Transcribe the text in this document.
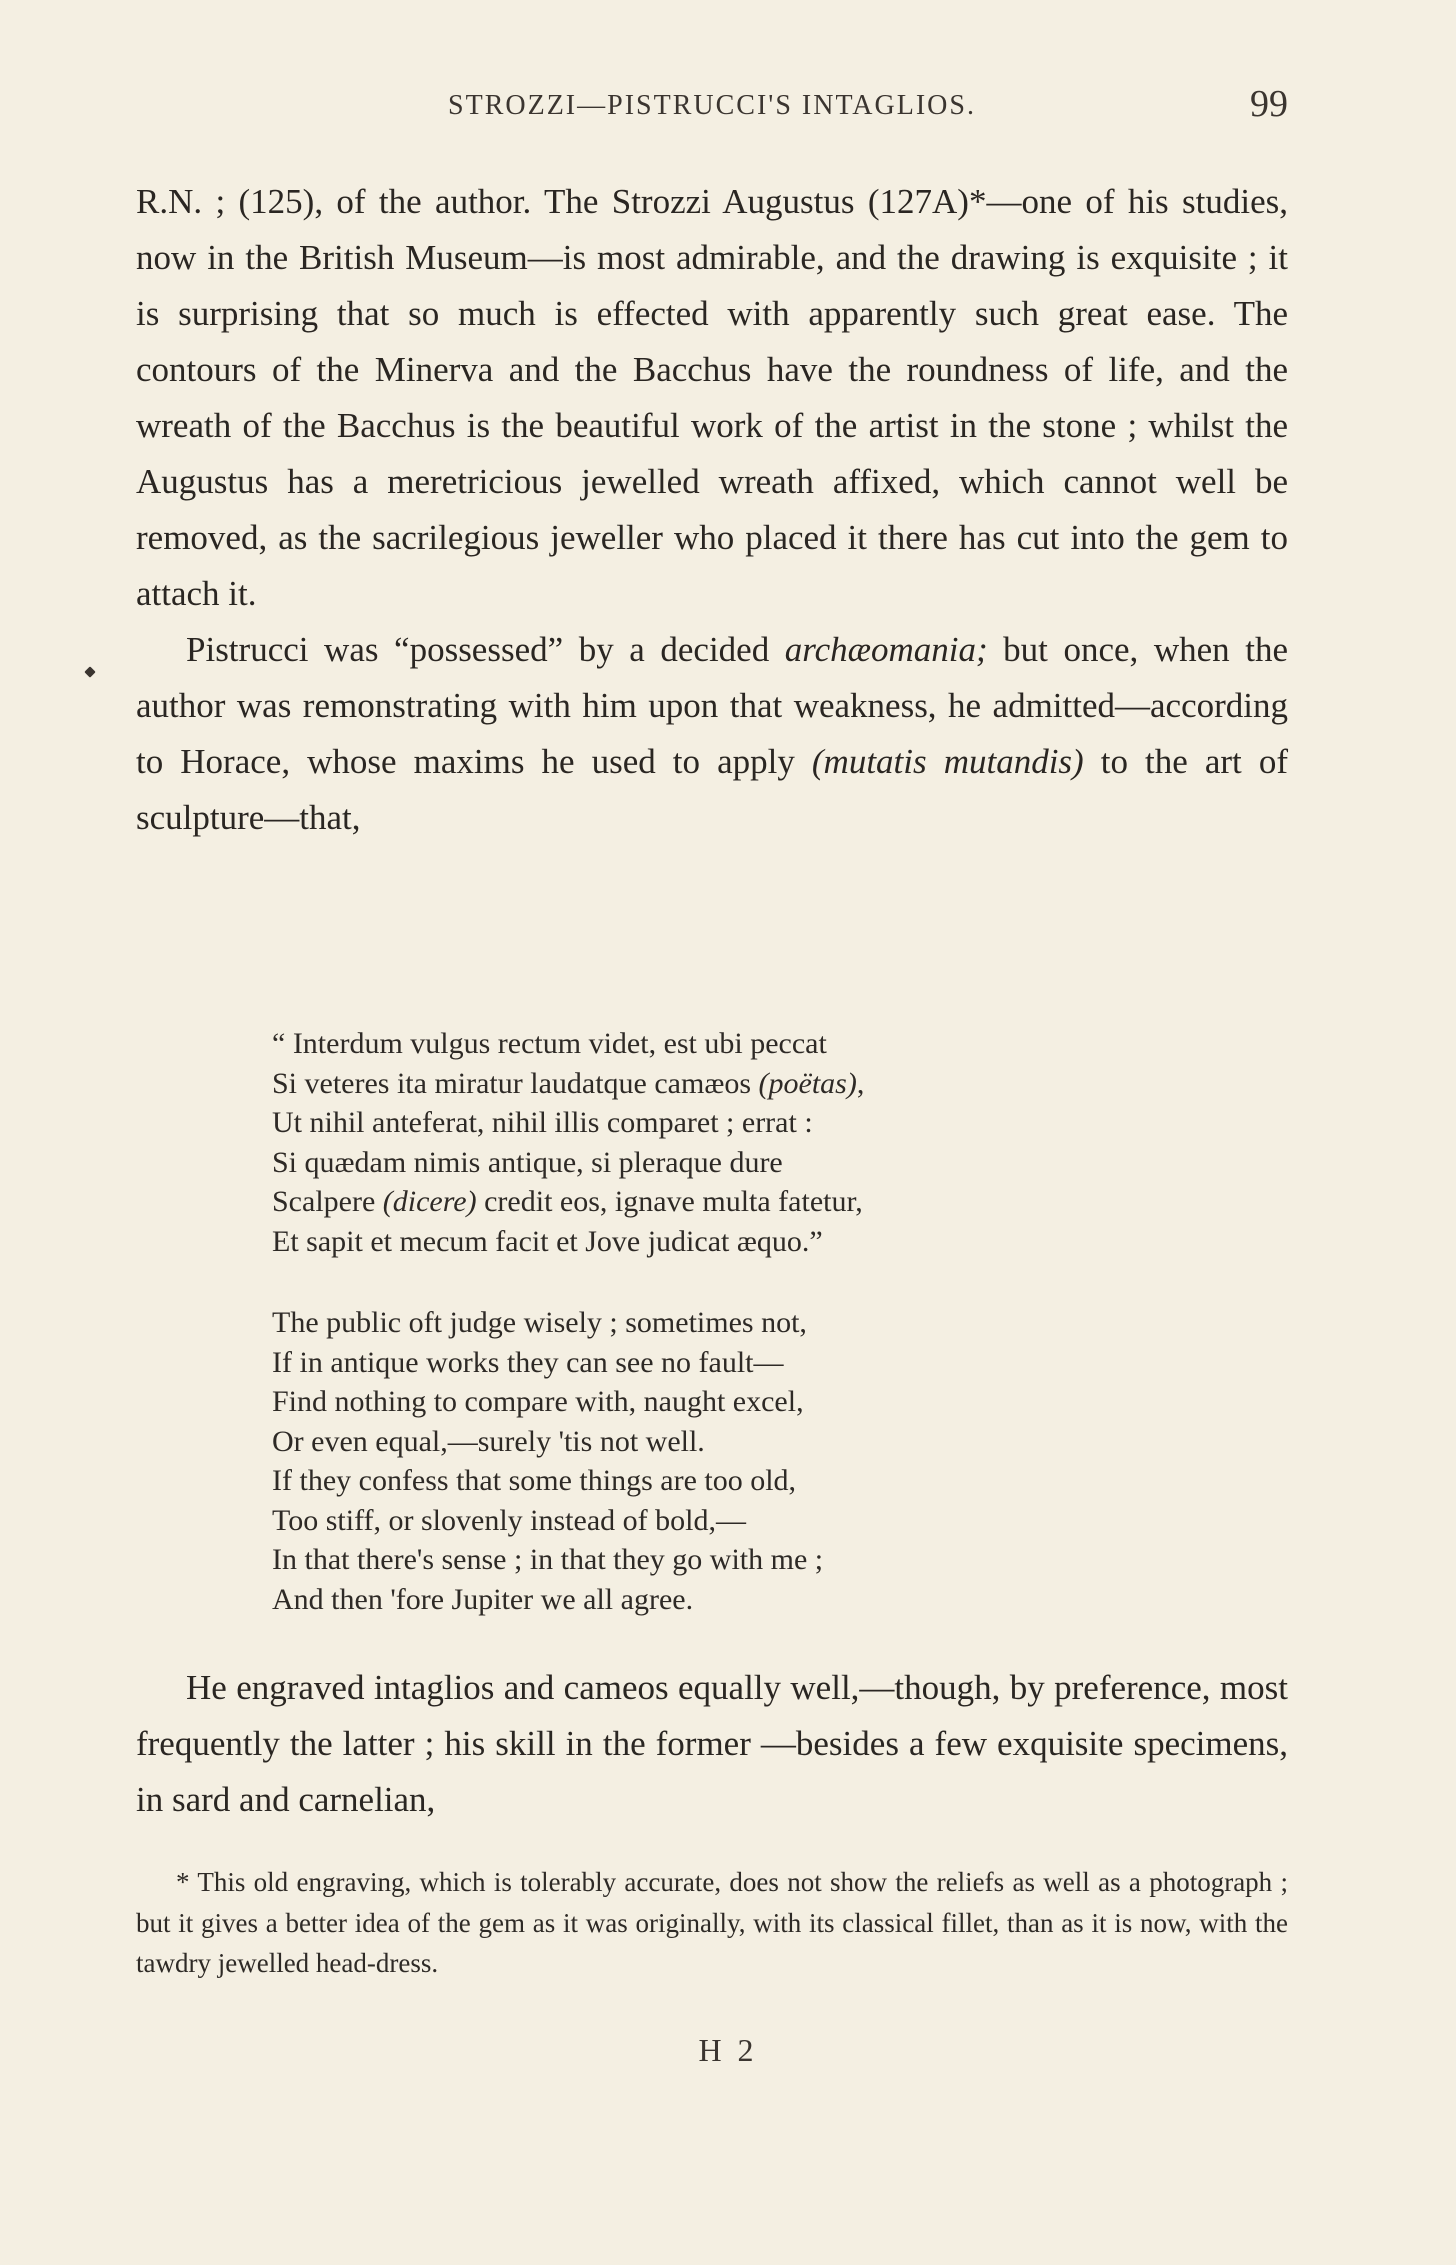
STROZZI—PISTRUCCI'S INTAGLIOS.	99

R.N. ; (125), of the author. The Strozzi Augustus (127A)*—one of his studies, now in the British Museum—is most admirable, and the drawing is exquisite ; it is surprising that so much is effected with apparently such great ease. The contours of the Minerva and the Bacchus have the roundness of life, and the wreath of the Bacchus is the beautiful work of the artist in the stone ; whilst the Augustus has a meretricious jewelled wreath affixed, which cannot well be removed, as the sacrilegious jeweller who placed it there has cut into the gem to attach it.

Pistrucci was “possessed” by a decided archæomania; but once, when the author was remonstrating with him upon that weakness, he admitted—according to Horace, whose maxims he used to apply (mutatis mutandis) to the art of sculpture—that,

“ Interdum vulgus rectum videt, est ubi peccat
Si veteres ita miratur laudatque camæos (poëtas),
Ut nihil anteferat, nihil illis comparet ; errat :
Si quædam nimis antique, si pleraque dure
Scalpere (dicere) credit eos, ignave multa fatetur,
Et sapit et mecum facit et Jove judicat æquo.”
The public oft judge wisely ; sometimes not,
If in antique works they can see no fault—
Find nothing to compare with, naught excel,
Or even equal,—surely 'tis not well.
If they confess that some things are too old,
Too stiff, or slovenly instead of bold,—
In that there's sense ; in that they go with me ;
And then 'fore Jupiter we all agree.

He engraved intaglios and cameos equally well,—though, by preference, most frequently the latter ; his skill in the former —besides a few exquisite specimens, in sard and carnelian,

* This old engraving, which is tolerably accurate, does not show the reliefs as well as a photograph ; but it gives a better idea of the gem as it was originally, with its classical fillet, than as it is now, with the tawdry jewelled head-dress.

H 2
